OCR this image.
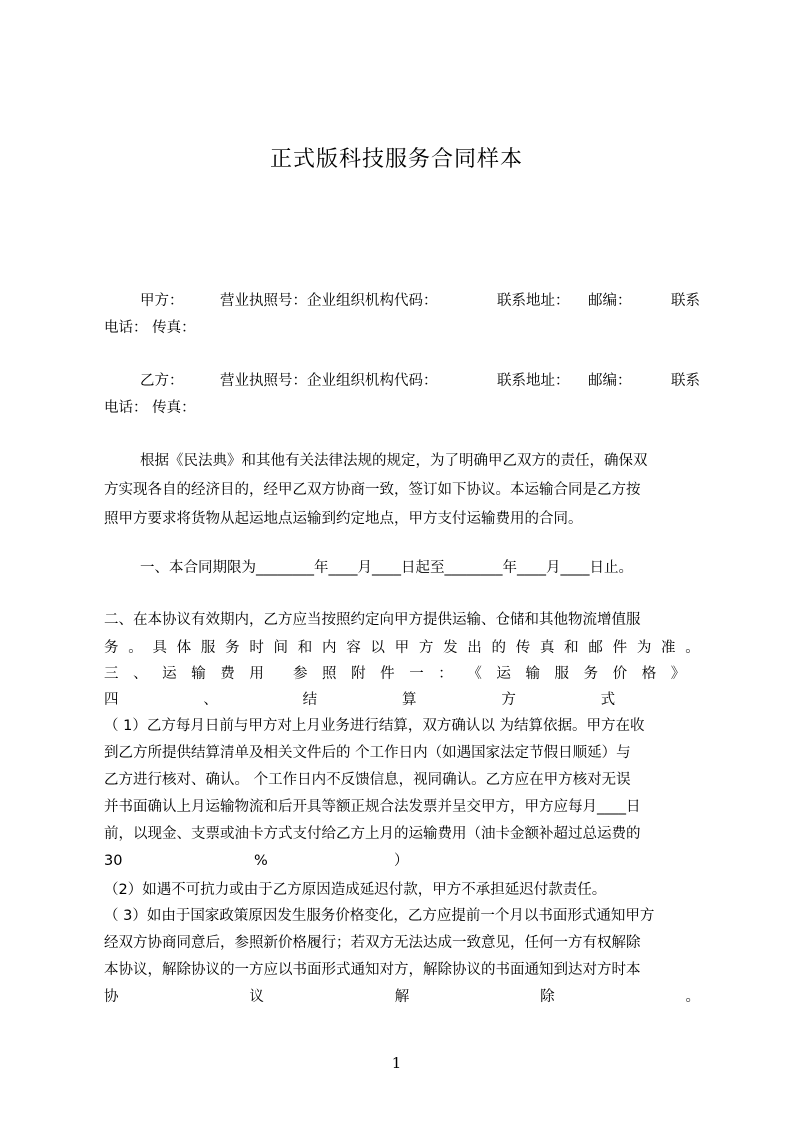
正式版科技服务合同样本
甲方：	营业执照号：企业组织机构代码：	联系地址： 邮编：	联系
电话： 传真：
乙方：	营业执照号：企业组织机构代码：	联系地址： 邮编：	联系
电话： 传真：
根据《民法典》和其他有关法律法规的规定，为了明确甲乙双方的责任，确保双
方实现各自的经济目的，经甲乙双方协商一致，签订如下协议。本运输合同是乙方按
照甲方要求将货物从起运地点运输到约定地点，甲方支付运输费用的合同。
一、本合同期限为________年____月____日起至________年____月____日止。
二、在本协议有效期内，乙方应当按照约定向甲方提供运输、仓储和其他物流增值服
务 。 具 体 服 务 时 间 和 内 容 以 甲 方 发 出 的 传 真 和 邮 件 为 准 。
三 、 运 输 费 用 参 照 附 件 一 ： 《 运 输 服 务 价 格 》
四	、	结	算	方	式
（ 1）乙方每月日前与甲方对上月业务进行结算，双方确认以 为结算依据。甲方在收
到乙方所提供结算清单及相关文件后的 个工作日内（如遇国家法定节假日顺延）与
乙方进行核对、确认。 个工作日内不反馈信息，视同确认。乙方应在甲方核对无误
并书面确认上月运输物流和后开具等额正规合法发票并呈交甲方，甲方应每月____日
前，以现金、支票或油卡方式支付给乙方上月的运输费用（油卡金额补超过总运费的
30	%	）
（2）如遇不可抗力或由于乙方原因造成延迟付款，甲方不承担延迟付款责任。
（ 3）如由于国家政策原因发生服务价格变化，乙方应提前一个月以书面形式通知甲方
经双方协商同意后，参照新价格履行；若双方无法达成一致意见，任何一方有权解除
本协议，解除协议的一方应以书面形式通知对方，解除协议的书面通知到达对方时本
协	议	解	除	。
1
